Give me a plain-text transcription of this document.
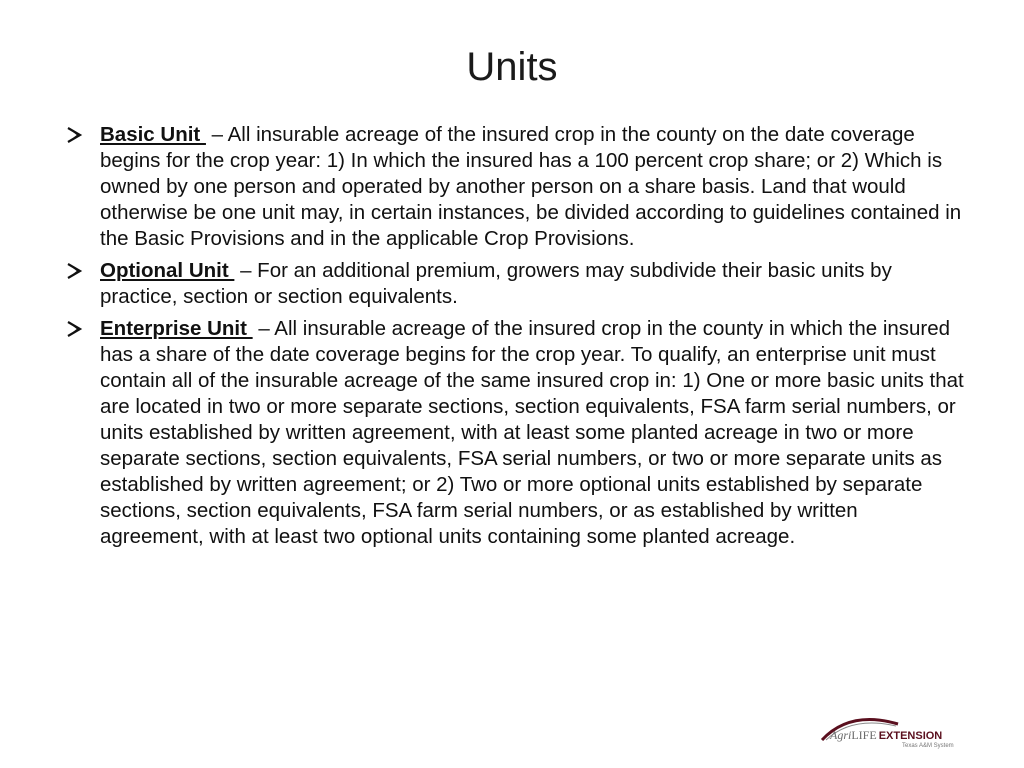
Units
Basic Unit  – All insurable acreage of the insured crop in the county on the date coverage begins for the crop year: 1) In which the insured has a 100 percent crop share; or 2) Which is owned by one person and operated by another person on a share basis. Land that would otherwise be one unit may, in certain instances, be divided according to guidelines contained in the Basic Provisions and in the applicable Crop Provisions.
Optional Unit  – For an additional premium, growers may subdivide their basic units by practice, section or section equivalents.
Enterprise Unit  – All insurable acreage of the insured crop in the county in which the insured has a share of the date coverage begins for the crop year. To qualify, an enterprise unit must contain all of the insurable acreage of the same insured crop in: 1) One or more basic units that are located in two or more separate sections, section equivalents, FSA farm serial numbers, or units established by written agreement, with at least some planted acreage in two or more separate sections, section equivalents, FSA serial numbers, or two or more separate units as established by written agreement; or 2) Two or more optional units established by separate sections, section equivalents, FSA farm serial numbers, or as established by written agreement, with at least two optional units containing some planted acreage.
AgriLIFE EXTENSION
Texas A&M System
